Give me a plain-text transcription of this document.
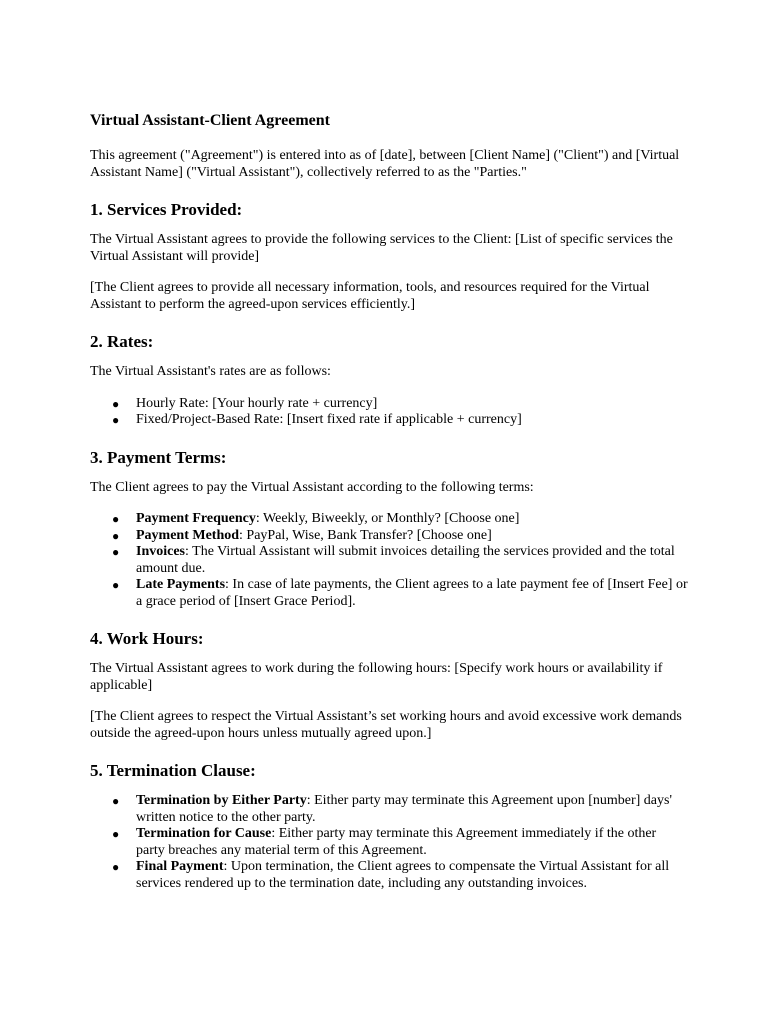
Virtual Assistant-Client Agreement

This agreement ("Agreement") is entered into as of [date], between [Client Name] ("Client") and [Virtual Assistant Name] ("Virtual Assistant"), collectively referred to as the "Parties."

1. Services Provided:

The Virtual Assistant agrees to provide the following services to the Client: [List of specific services the Virtual Assistant will provide]

[The Client agrees to provide all necessary information, tools, and resources required for the Virtual Assistant to perform the agreed-upon services efficiently.]

2. Rates:

The Virtual Assistant's rates are as follows:

● Hourly Rate: [Your hourly rate + currency]
● Fixed/Project-Based Rate: [Insert fixed rate if applicable + currency]
3. Payment Terms:

The Client agrees to pay the Virtual Assistant according to the following terms:

● Payment Frequency: Weekly, Biweekly, or Monthly? [Choose one]
● Payment Method: PayPal, Wise, Bank Transfer? [Choose one]
● Invoices: The Virtual Assistant will submit invoices detailing the services provided and the total amount due.
● Late Payments: In case of late payments, the Client agrees to a late payment fee of [Insert Fee] or a grace period of [Insert Grace Period].
4. Work Hours:

The Virtual Assistant agrees to work during the following hours: [Specify work hours or availability if applicable]

[The Client agrees to respect the Virtual Assistant’s set working hours and avoid excessive work demands outside the agreed-upon hours unless mutually agreed upon.]

5. Termination Clause:
● Termination by Either Party: Either party may terminate this Agreement upon [number] days' written notice to the other party.
● Termination for Cause: Either party may terminate this Agreement immediately if the other party breaches any material term of this Agreement.
● Final Payment: Upon termination, the Client agrees to compensate the Virtual Assistant for all services rendered up to the termination date, including any outstanding invoices.
